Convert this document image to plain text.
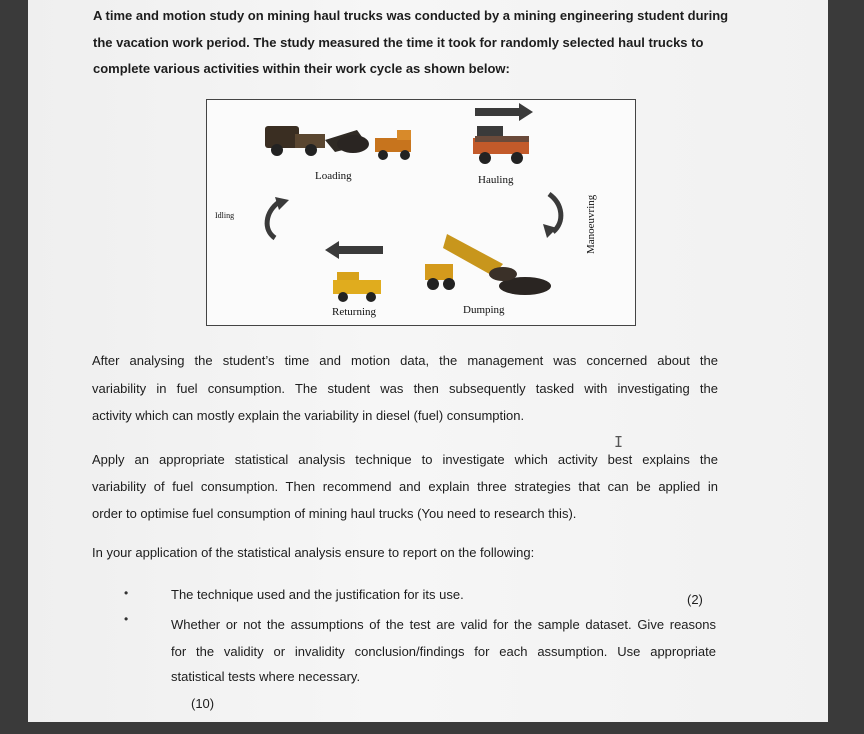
A time and motion study on mining haul trucks was conducted by a mining engineering student during
the vacation work period. The study measured the time it took for randomly selected haul trucks to
complete various activities within their work cycle as shown below:
Loading	Hauling
Idling	Manoeuvring
Returning	Dumping
After analysing the student’s time and motion data, the management was concerned about the
variability in fuel consumption. The student was then subsequently tasked with investigating the
activity which can mostly explain the variability in diesel (fuel) consumption.
I
Apply an appropriate statistical analysis technique to investigate which activity best explains the
variability of fuel consumption. Then recommend and explain three strategies that can be applied in
order to optimise fuel consumption of mining haul trucks (You need to research this).
In your application of the statistical analysis ensure to report on the following:
•	The technique used and the justification for its use.	(2)
•	Whether or not the assumptions of the test are valid for the sample dataset. Give reasons
for the validity or invalidity conclusion/findings for each assumption. Use appropriate
statistical tests where necessary.
(10)
